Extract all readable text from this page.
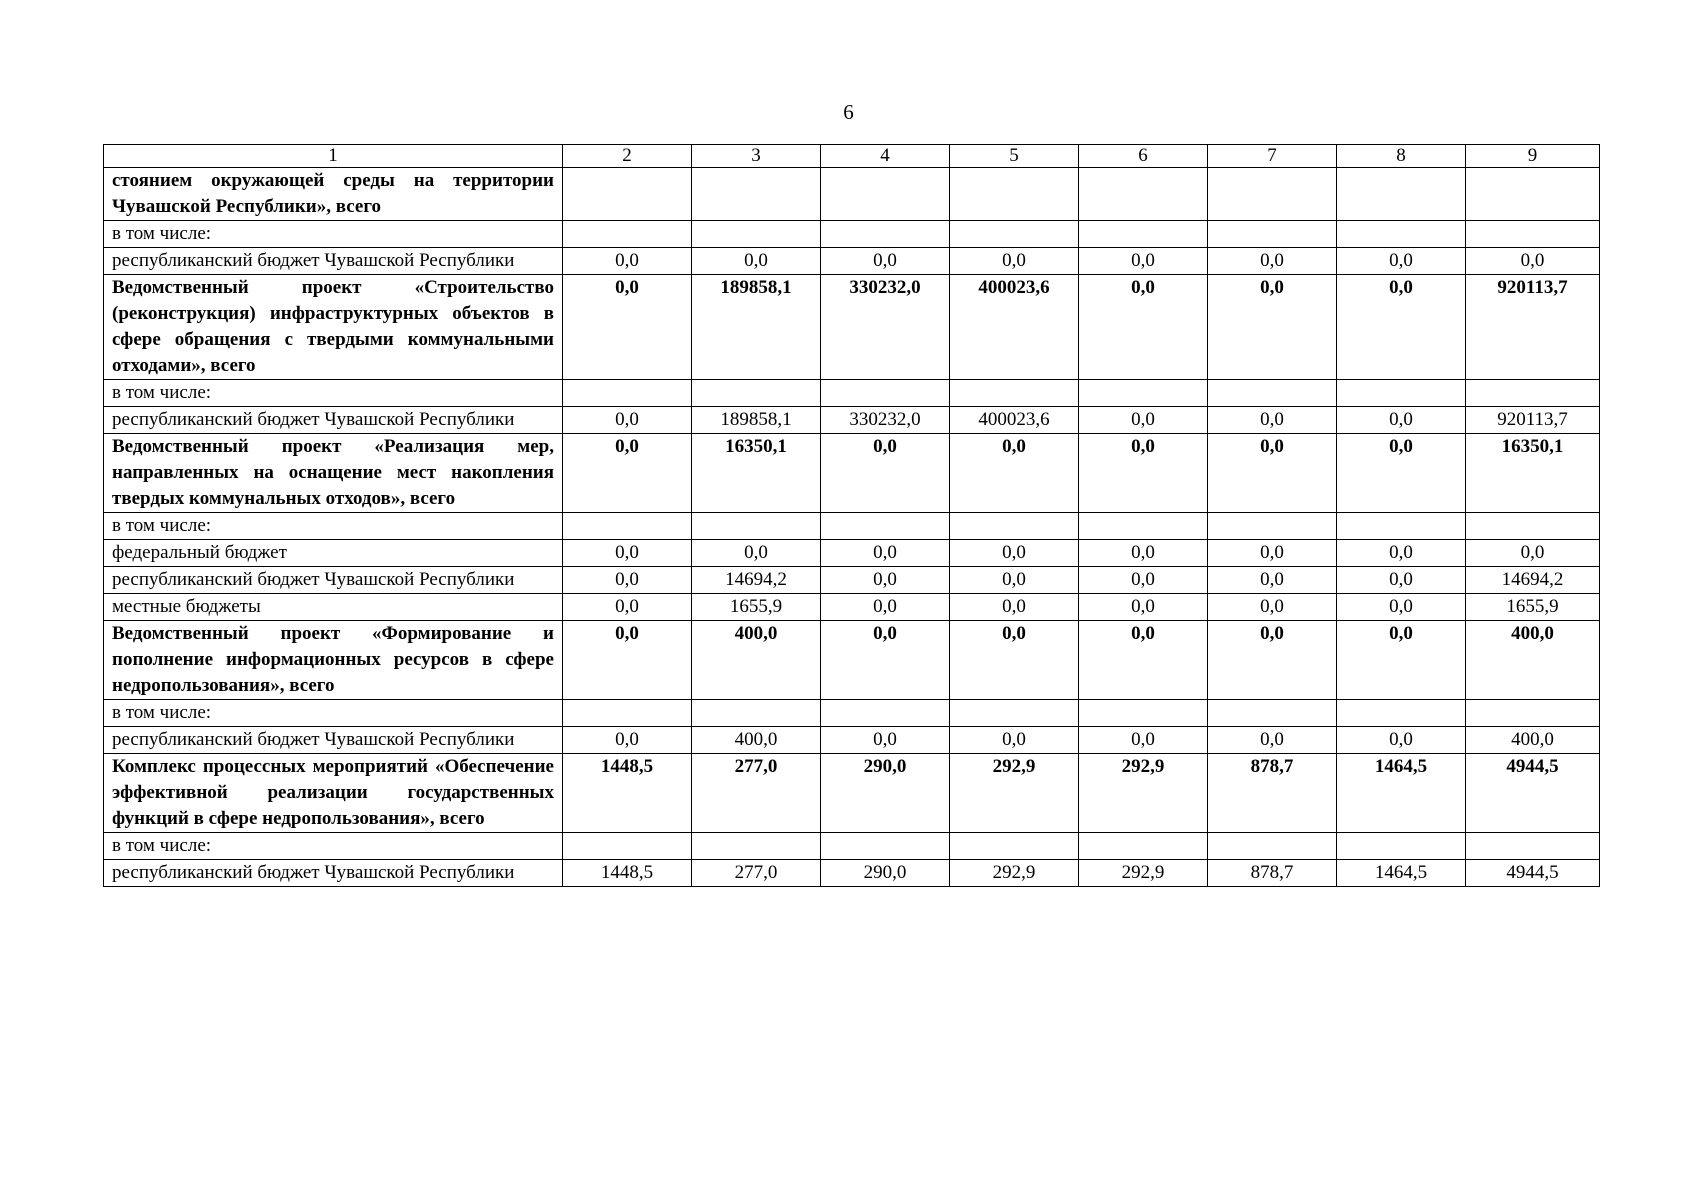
6
1	2	3	4	5	6	7	8	9
стоянием окружающей среды на территории Чувашской Республики», всего								
в том числе:								
республиканский бюджет Чувашской Республики	0,0	0,0	0,0	0,0	0,0	0,0	0,0	0,0
Ведомственный проект «Строительство (реконструкция) инфраструктурных объектов в сфере обращения с твердыми коммунальными отходами», всего	0,0	189858,1	330232,0	400023,6	0,0	0,0	0,0	920113,7
в том числе:								
республиканский бюджет Чувашской Республики	0,0	189858,1	330232,0	400023,6	0,0	0,0	0,0	920113,7
Ведомственный проект «Реализация мер, направленных на оснащение мест накопления твердых коммунальных отходов», всего	0,0	16350,1	0,0	0,0	0,0	0,0	0,0	16350,1
в том числе:								
федеральный бюджет	0,0	0,0	0,0	0,0	0,0	0,0	0,0	0,0
республиканский бюджет Чувашской Республики	0,0	14694,2	0,0	0,0	0,0	0,0	0,0	14694,2
местные бюджеты	0,0	1655,9	0,0	0,0	0,0	0,0	0,0	1655,9
Ведомственный проект «Формирование и пополнение информационных ресурсов в сфере недропользования», всего	0,0	400,0	0,0	0,0	0,0	0,0	0,0	400,0
в том числе:								
республиканский бюджет Чувашской Республики	0,0	400,0	0,0	0,0	0,0	0,0	0,0	400,0
Комплекс процессных мероприятий «Обеспечение эффективной реализации государственных функций в сфере недропользования», всего	1448,5	277,0	290,0	292,9	292,9	878,7	1464,5	4944,5
в том числе:								
республиканский бюджет Чувашской Республики	1448,5	277,0	290,0	292,9	292,9	878,7	1464,5	4944,5
